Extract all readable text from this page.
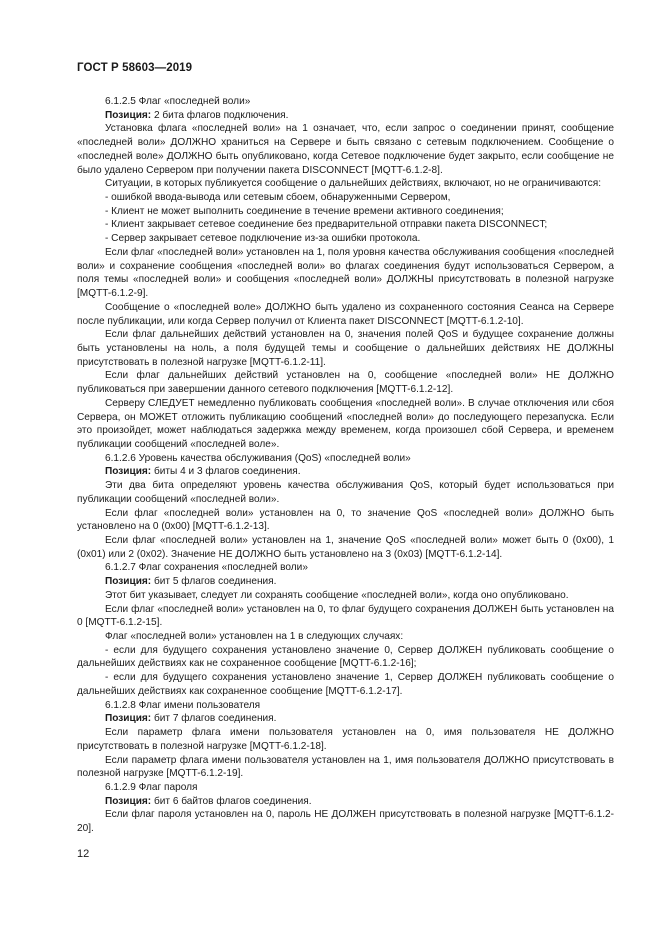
ГОСТ Р 58603—2019

6.1.2.5 Флаг «последней воли»

Позиция: 2 бита флагов подключения.

Установка флага «последней воли» на 1 означает, что, если запрос о соединении принят, сообщение «последней воли» ДОЛЖНО храниться на Сервере и быть связано с сетевым подключением. Сообщение о «последней воле» ДОЛЖНО быть опубликовано, когда Сетевое подключение будет закрыто, если сообщение не было удалено Сервером при получении пакета DISCONNECT [MQTT-6.1.2-8].

Ситуации, в которых публикуется сообщение о дальнейших действиях, включают, но не ограничиваются:

- ошибкой ввода-вывода или сетевым сбоем, обнаруженными Сервером,

- Клиент не может выполнить соединение в течение времени активного соединения;

- Клиент закрывает сетевое соединение без предварительной отправки пакета DISCONNECT;

- Сервер закрывает сетевое подключение из-за ошибки протокола.

Если флаг «последней воли» установлен на 1, поля уровня качества обслуживания сообщения «последней воли» и сохранение сообщения «последней воли» во флагах соединения будут использоваться Сервером, а поля темы «последней воли» и сообщения «последней воли» ДОЛЖНЫ присутствовать в полезной нагрузке [MQTT-6.1.2-9].

Сообщение о «последней воле» ДОЛЖНО быть удалено из сохраненного состояния Сеанса на Сервере после публикации, или когда Сервер получил от Клиента пакет DISCONNECT [MQTT-6.1.2-10].

Если флаг дальнейших действий установлен на 0, значения полей QoS и будущее сохранение должны быть установлены на ноль, а поля будущей темы и сообщение о дальнейших действиях НЕ ДОЛЖНЫ присутствовать в полезной нагрузке [MQTT-6.1.2-11].

Если флаг дальнейших действий установлен на 0, сообщение «последней воли» НЕ ДОЛЖНО публиковаться при завершении данного сетевого подключения [MQTT-6.1.2-12].

Серверу СЛЕДУЕТ немедленно публиковать сообщения «последней воли». В случае отключения или сбоя Сервера, он МОЖЕТ отложить публикацию сообщений «последней воли» до последующего перезапуска. Если это произойдет, может наблюдаться задержка между временем, когда произошел сбой Сервера, и временем публикации сообщений «последней воле».

6.1.2.6 Уровень качества обслуживания (QoS) «последней воли»

Позиция: биты 4 и 3 флагов соединения.

Эти два бита определяют уровень качества обслуживания QoS, который будет использоваться при публикации сообщений «последней воли».

Если флаг «последней воли» установлен на 0, то значение QoS «последней воли» ДОЛЖНО быть установлено на 0 (0x00) [MQTT-6.1.2-13].

Если флаг «последней воли» установлен на 1, значение QoS «последней воли» может быть 0 (0x00), 1 (0x01) или 2 (0x02). Значение НЕ ДОЛЖНО быть установлено на 3 (0x03) [MQTT-6.1.2-14].

6.1.2.7 Флаг сохранения «последней воли»

Позиция: бит 5 флагов соединения.

Этот бит указывает, следует ли сохранять сообщение «последней воли», когда оно опубликовано.

Если флаг «последней воли» установлен на 0, то флаг будущего сохранения ДОЛЖЕН быть установлен на 0 [MQTT-6.1.2-15].

Флаг «последней воли» установлен на 1 в следующих случаях:

- если для будущего сохранения установлено значение 0, Сервер ДОЛЖЕН публиковать сообщение о дальнейших действиях как не сохраненное сообщение [MQTT-6.1.2-16];

- если для будущего сохранения установлено значение 1, Сервер ДОЛЖЕН публиковать сообщение о дальнейших действиях как сохраненное сообщение [MQTT-6.1.2-17].

6.1.2.8 Флаг имени пользователя

Позиция: бит 7 флагов соединения.

Если параметр флага имени пользователя установлен на 0, имя пользователя НЕ ДОЛЖНО присутствовать в полезной нагрузке [MQTT-6.1.2-18].

Если параметр флага имени пользователя установлен на 1, имя пользователя ДОЛЖНО присутствовать в полезной нагрузке [MQTT-6.1.2-19].

6.1.2.9 Флаг пароля

Позиция: бит 6 байтов флагов соединения.

Если флаг пароля установлен на 0, пароль НЕ ДОЛЖЕН присутствовать в полезной нагрузке [MQTT-6.1.2-20].

12
